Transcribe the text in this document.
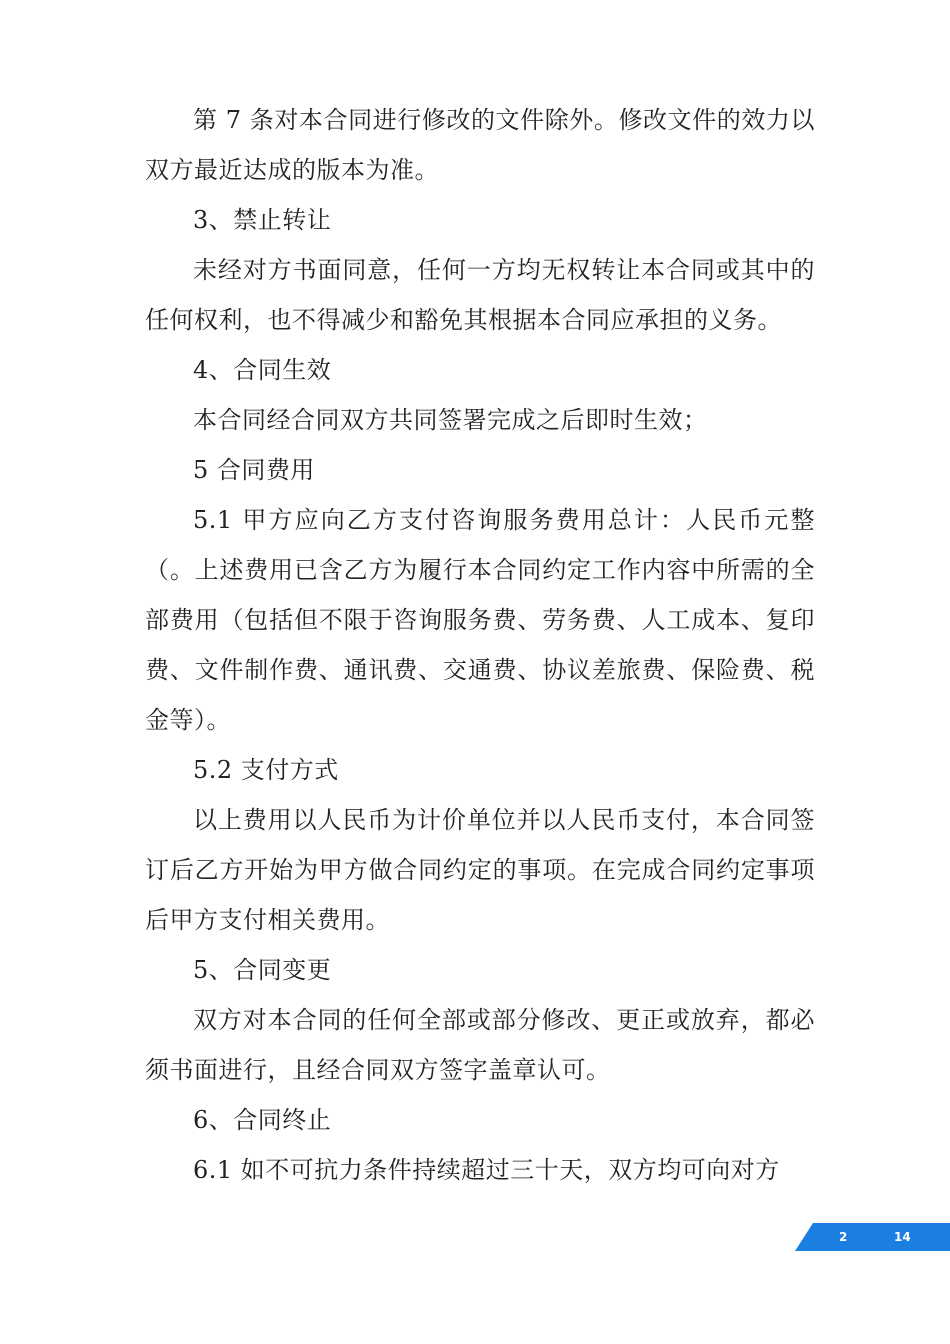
第 7 条对本合同进行修改的文件除外。修改文件的效力以双方最近达成的版本为准。

3、禁止转让

未经对方书面同意，任何一方均无权转让本合同或其中的任何权利，也不得减少和豁免其根据本合同应承担的义务。

4、合同生效

本合同经合同双方共同签署完成之后即时生效；

5 合同费用

5.1 甲方应向乙方支付咨询服务费用总计：人民币元整（。上述费用已含乙方为履行本合同约定工作内容中所需的全部费用（包括但不限于咨询服务费、劳务费、人工成本、复印费、文件制作费、通讯费、交通费、协议差旅费、保险费、税金等）。

5.2 支付方式

以上费用以人民币为计价单位并以人民币支付，本合同签订后乙方开始为甲方做合同约定的事项。在完成合同约定事项后甲方支付相关费用。

5、合同变更

双方对本合同的任何全部或部分修改、更正或放弃，都必须书面进行，且经合同双方签字盖章认可。

6、合同终止

6.1 如不可抗力条件持续超过三十天，双方均可向对方

2	14
